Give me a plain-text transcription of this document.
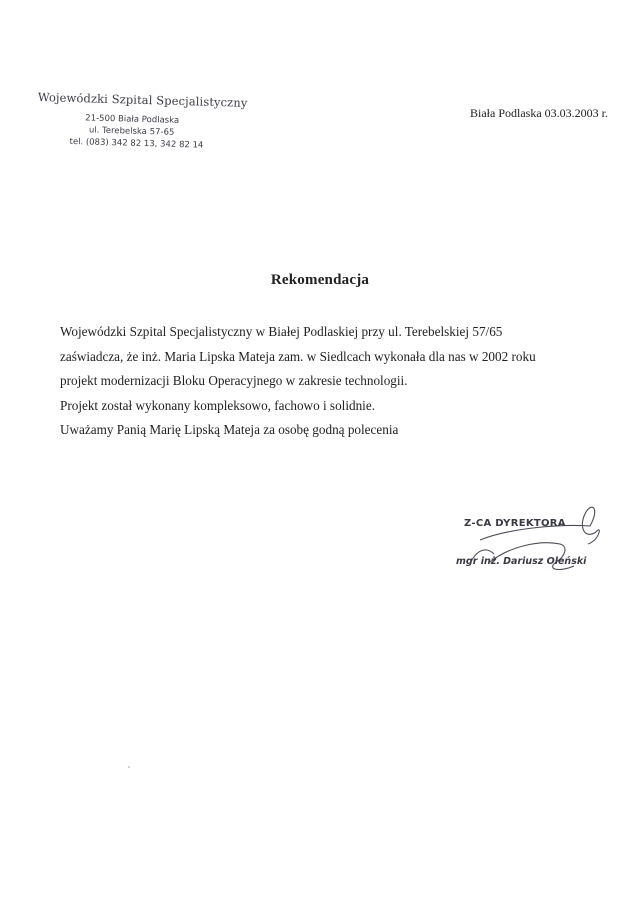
Wojewódzki Szpital Specjalistyczny
21-500 Biała Podlaska
ul. Terebelska 57-65
tel. (083) 342 82 13, 342 82 14
Biała Podlaska 03.03.2003 r.
Rekomendacja
Wojewódzki Szpital Specjalistyczny w Białej Podlaskiej przy ul. Terebelskiej 57/65
zaświadcza, że inż. Maria Lipska Mateja zam. w Siedlcach wykonała dla nas w 2002 roku
projekt modernizacji Bloku Operacyjnego w zakresie technologii.
Projekt został wykonany kompleksowo, fachowo i solidnie.
Uważamy Panią Marię Lipską Mateja za osobę godną polecenia
Z-CA DYREKTORA
mgr inż. Dariusz Oleński
